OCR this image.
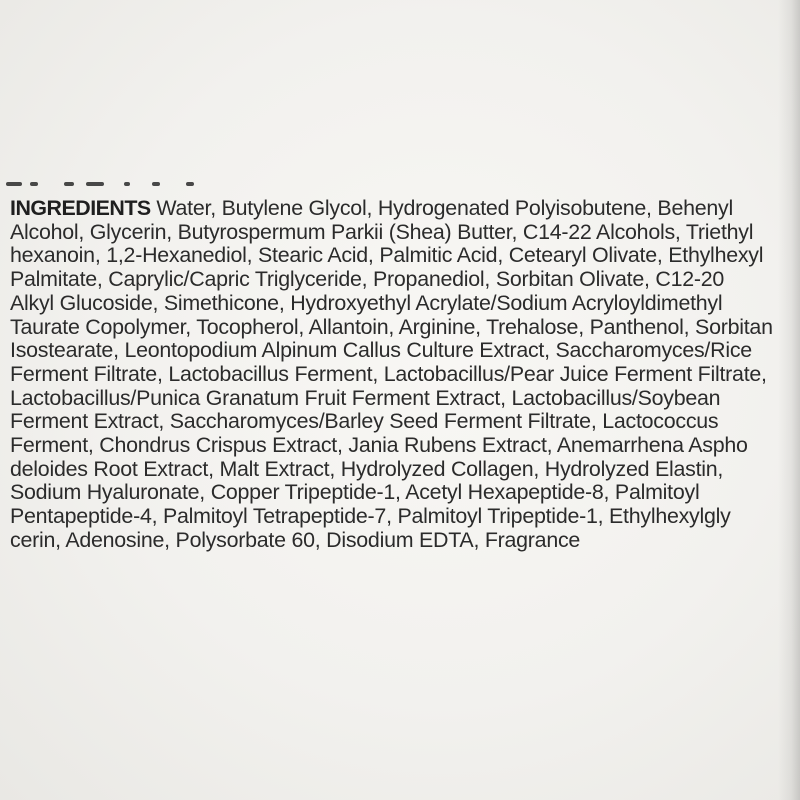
INGREDIENTS Water, Butylene Glycol, Hydrogenated Polyisobutene, Behenyl
Alcohol, Glycerin, Butyrospermum Parkii (Shea) Butter, C14-22 Alcohols, Triethyl
hexanoin, 1,2-Hexanediol, Stearic Acid, Palmitic Acid, Cetearyl Olivate, Ethylhexyl
Palmitate, Caprylic/Capric Triglyceride, Propanediol, Sorbitan Olivate, C12-20
Alkyl Glucoside, Simethicone, Hydroxyethyl Acrylate/Sodium Acryloyldimethyl
Taurate Copolymer, Tocopherol, Allantoin, Arginine, Trehalose, Panthenol, Sorbitan
Isostearate, Leontopodium Alpinum Callus Culture Extract, Saccharomyces/Rice
Ferment Filtrate, Lactobacillus Ferment, Lactobacillus/Pear Juice Ferment Filtrate,
Lactobacillus/Punica Granatum Fruit Ferment Extract, Lactobacillus/Soybean
Ferment Extract, Saccharomyces/Barley Seed Ferment Filtrate, Lactococcus
Ferment, Chondrus Crispus Extract, Jania Rubens Extract, Anemarrhena Aspho
deloides Root Extract, Malt Extract, Hydrolyzed Collagen, Hydrolyzed Elastin,
Sodium Hyaluronate, Copper Tripeptide-1, Acetyl Hexapeptide-8, Palmitoyl
Pentapeptide-4, Palmitoyl Tetrapeptide-7, Palmitoyl Tripeptide-1, Ethylhexylgly
cerin, Adenosine, Polysorbate 60, Disodium EDTA, Fragrance
